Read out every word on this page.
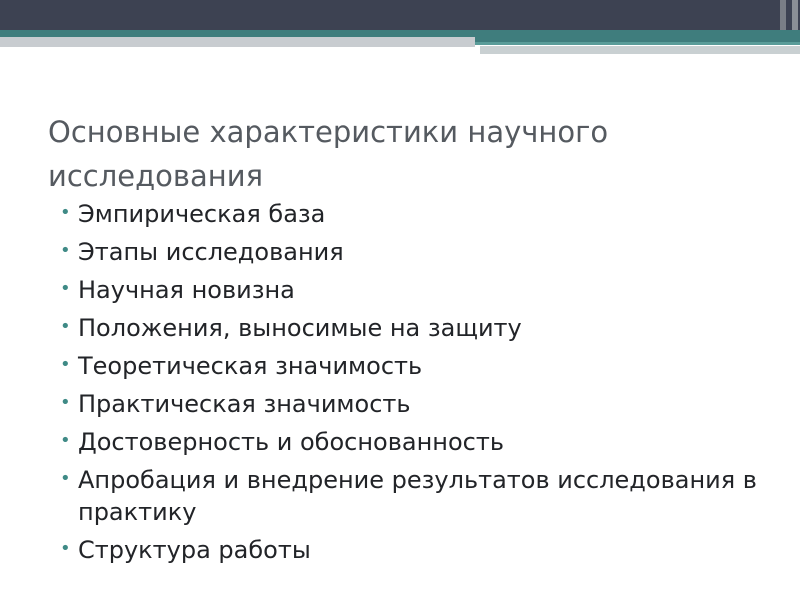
Основные характеристики научного
исследования
• Эмпирическая база
• Этапы исследования
• Научная новизна
• Положения, выносимые на защиту
• Теоретическая значимость
• Практическая значимость
• Достоверность и обоснованность
• Апробация и внедрение результатов исследования в практику
• Структура работы
